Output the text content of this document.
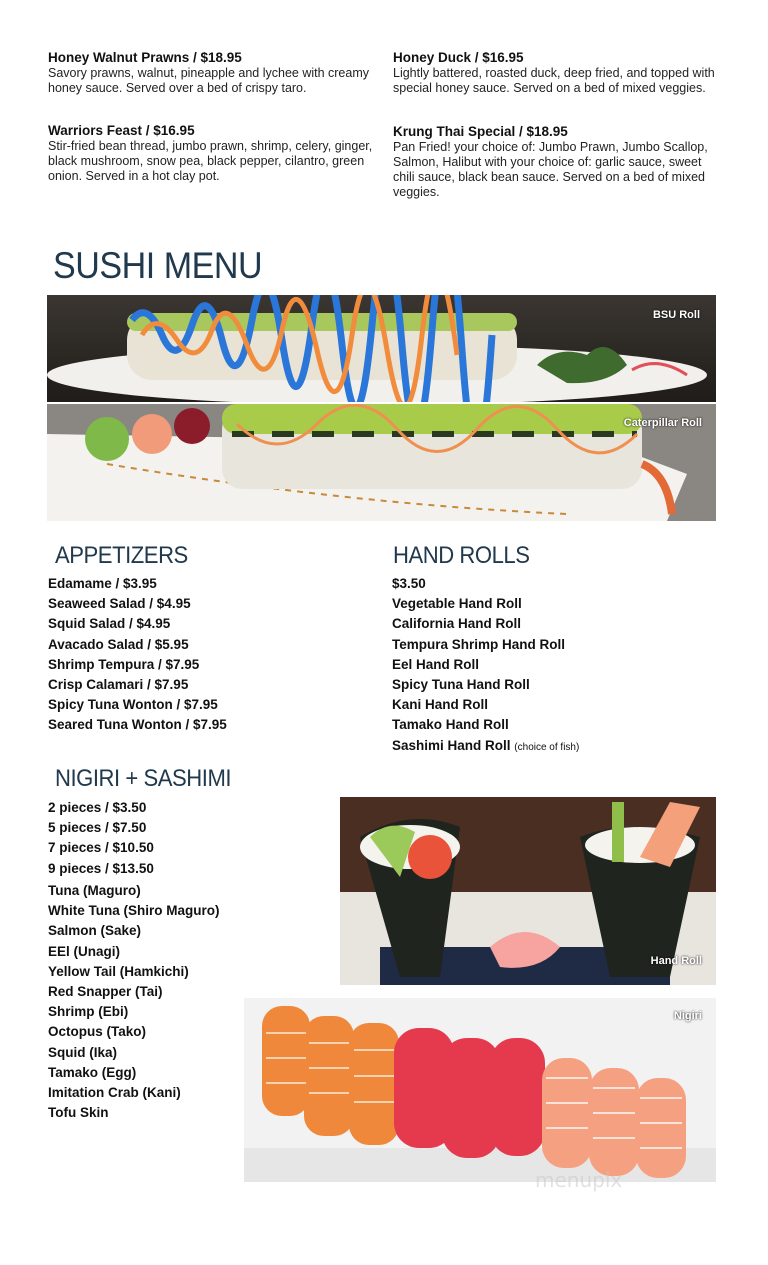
Honey Walnut Prawns / $18.95
Savory prawns, walnut, pineapple and lychee with creamy honey sauce. Served over a bed of crispy taro.
Warriors Feast / $16.95
Stir-fried bean thread, jumbo prawn, shrimp, celery, ginger, black mushroom, snow pea, black pepper, cilantro, green onion. Served in a hot clay pot.
Honey Duck / $16.95
Lightly battered, roasted duck, deep fried, and topped with special honey sauce. Served on a bed of mixed veggies.
Krung Thai Special / $18.95
Pan Fried! your choice of: Jumbo Prawn, Jumbo Scallop, Salmon, Halibut with your choice of: garlic sauce, sweet chili sauce, black bean sauce. Served on a bed of mixed veggies.
SUSHI MENU
BSU Roll
Caterpillar Roll
APPETIZERS
Edamame / $3.95
Seaweed Salad / $4.95
Squid Salad / $4.95
Avacado Salad / $5.95
Shrimp Tempura / $7.95
Crisp Calamari / $7.95
Spicy Tuna Wonton / $7.95
Seared Tuna Wonton / $7.95
HAND ROLLS
$3.50
Vegetable Hand Roll
California Hand Roll
Tempura Shrimp Hand Roll
Eel Hand Roll
Spicy Tuna Hand Roll
Kani Hand Roll
Tamako Hand Roll
Sashimi Hand Roll (choice of fish)
NIGIRI + SASHIMI
2 pieces / $3.50
5 pieces / $7.50
7 pieces / $10.50
9 pieces / $13.50
Tuna (Maguro)
White Tuna (Shiro Maguro)
Salmon (Sake)
EEl (Unagi)
Yellow Tail (Hamkichi)
Red Snapper (Tai)
Shrimp (Ebi)
Octopus (Tako)
Squid (Ika)
Tamako (Egg)
Imitation Crab (Kani)
Tofu Skin
Hand Roll
Nigiri
menupix
